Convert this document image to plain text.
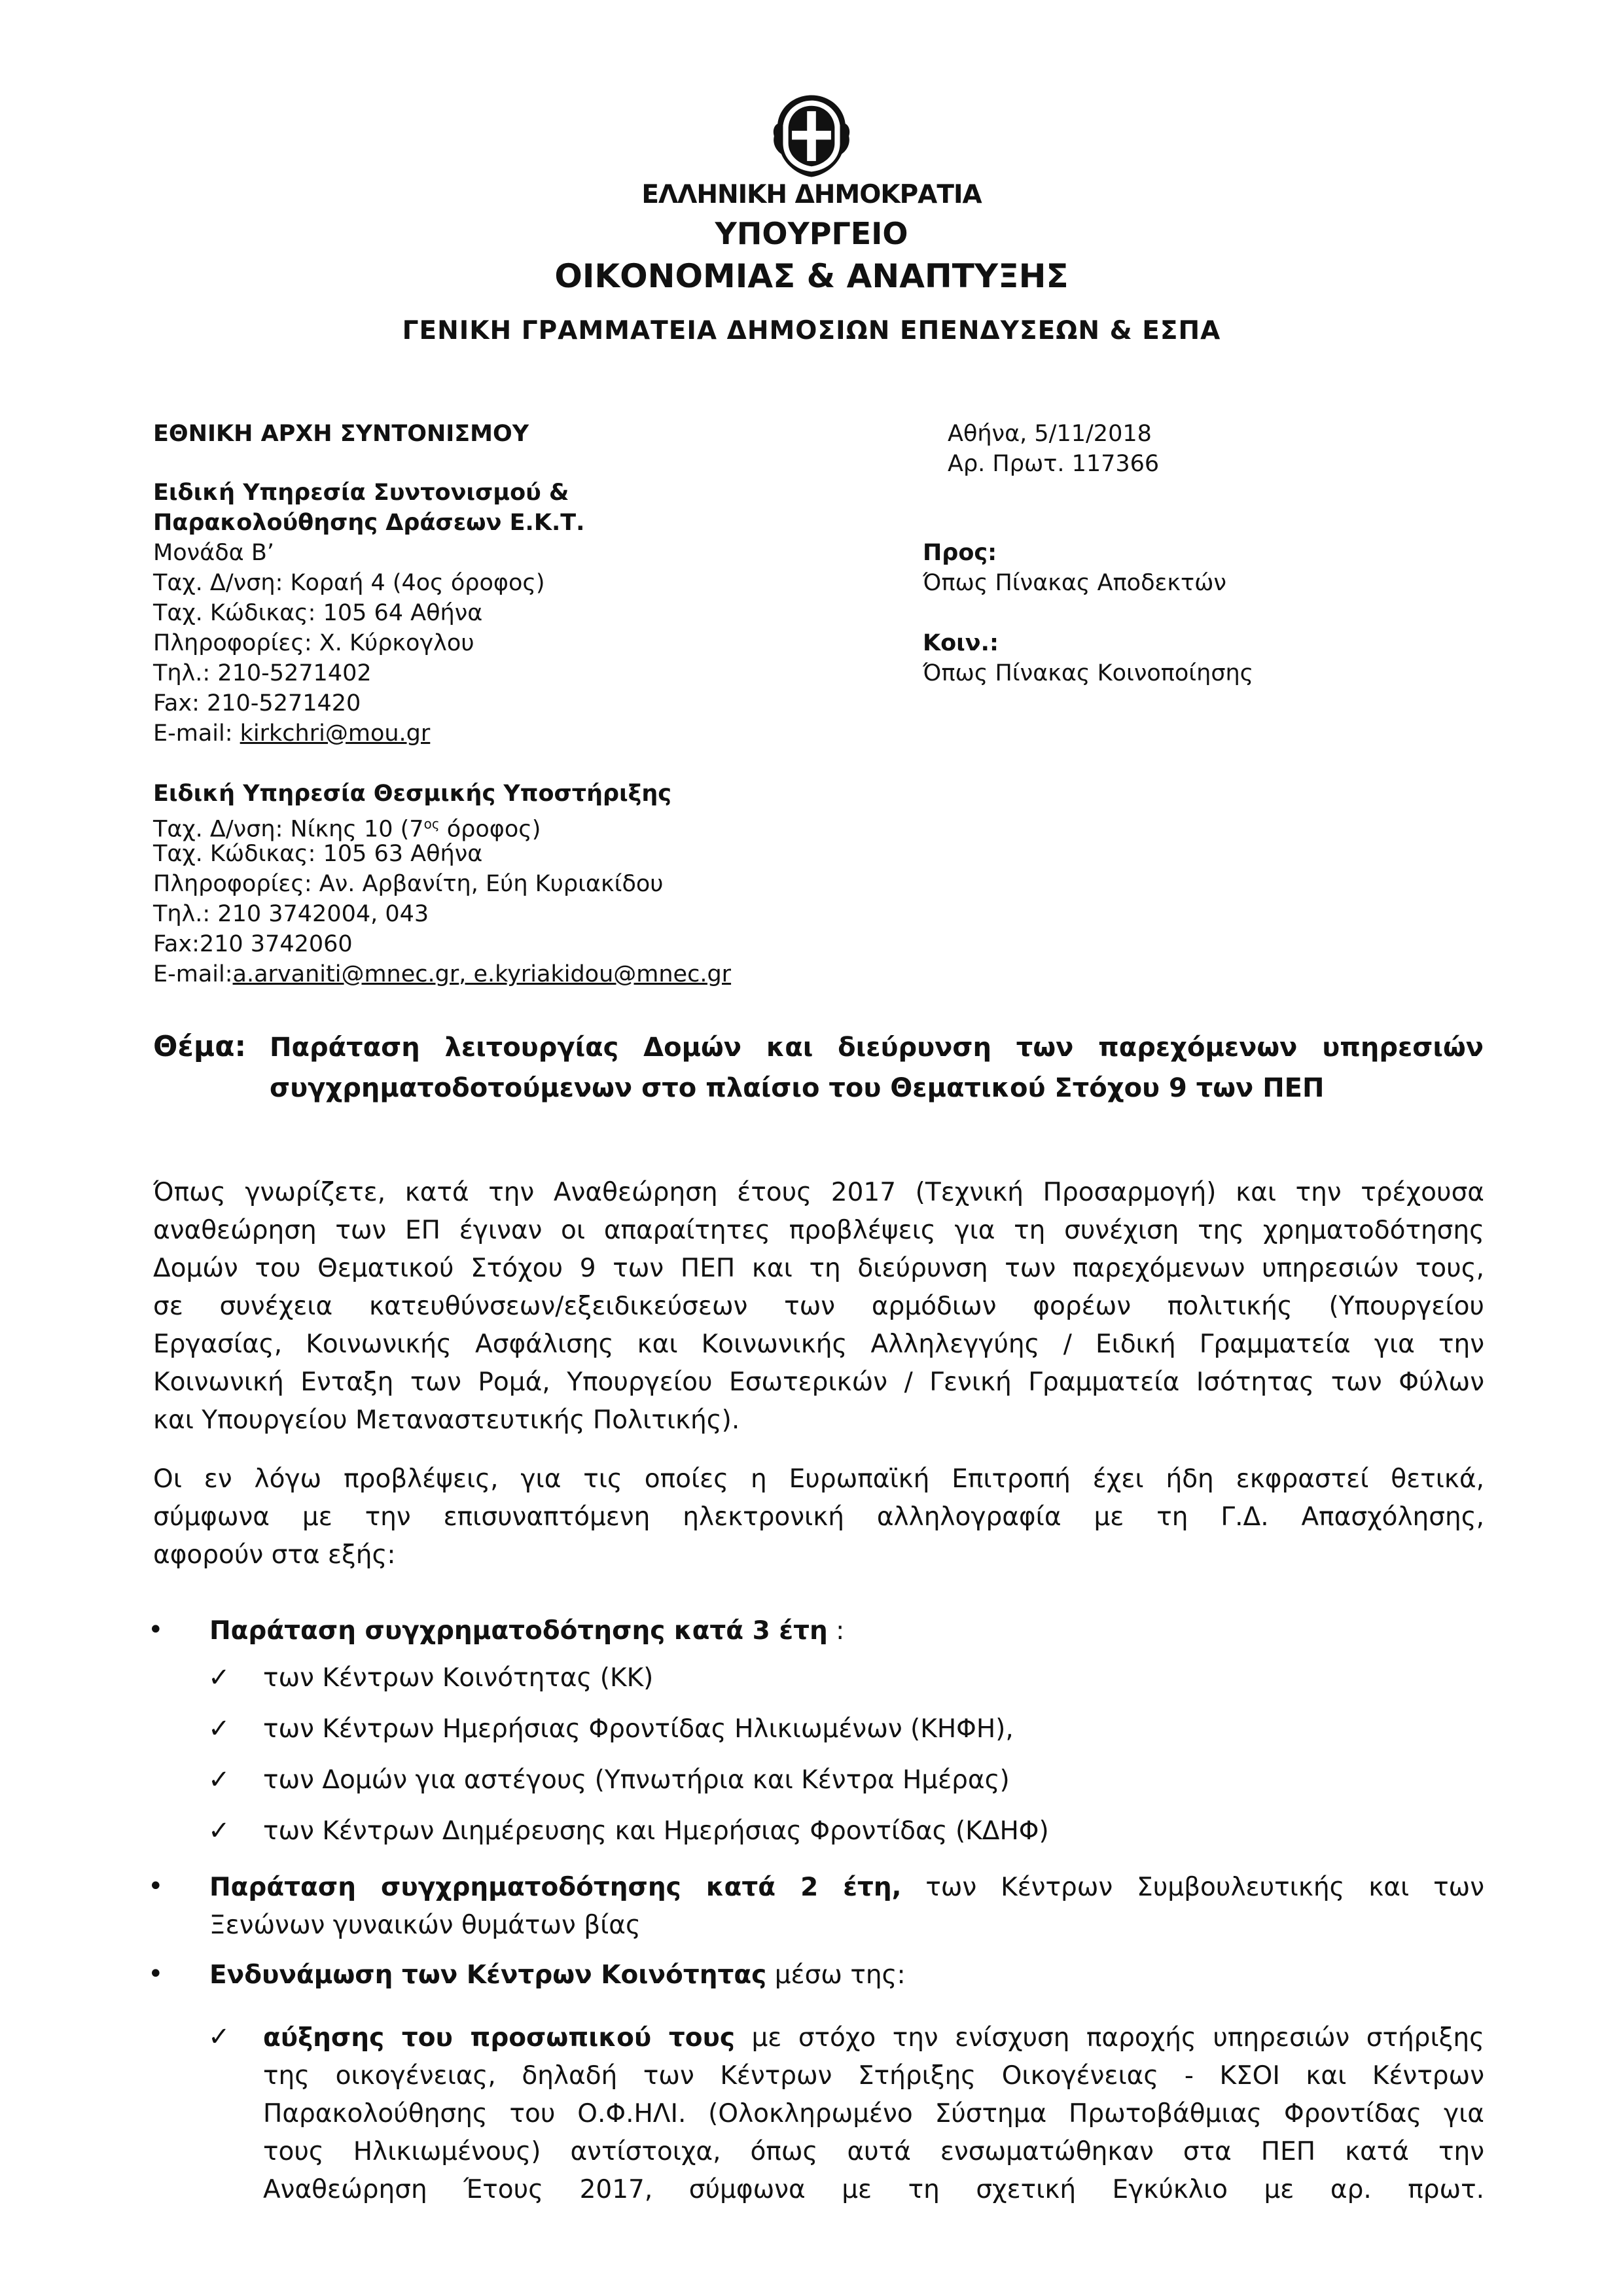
ΕΛΛΗΝΙΚΗ ΔΗΜΟΚΡΑΤΙΑ
ΥΠΟΥΡΓΕΙΟ
ΟΙΚΟΝΟΜΙΑΣ & ΑΝΑΠΤΥΞΗΣ
ΓΕΝΙΚΗ ΓΡΑΜΜΑΤΕΙΑ ΔΗΜΟΣΙΩΝ ΕΠΕΝΔΥΣΕΩΝ & ΕΣΠΑ
ΕΘΝΙΚΗ ΑΡΧΗ ΣΥΝΤΟΝΙΣΜΟΥ
Ειδική Υπηρεσία Συντονισμού &
Παρακολούθησης Δράσεων Ε.Κ.Τ.
Μονάδα Β’
Ταχ. Δ/νση: Κοραή 4 (4ος όροφος)
Ταχ. Κώδικας: 105 64 Αθήνα
Πληροφορίες: Χ. Κύρκογλου
Τηλ.: 210-5271402
Fax: 210-5271420
E-mail: kirkchri@mou.gr
Ειδική Υπηρεσία Θεσμικής Υποστήριξης
Ταχ. Δ/νση: Νίκης 10 ($7^{o\varsigma}$ όροφος)
Ταχ. Κώδικας: 105 63 Αθήνα
Πληροφορίες: Αν. Αρβανίτη, Εύη Κυριακίδου
Τηλ.: 210 3742004, 043
Fax:210 3742060
E-mail:a.arvaniti@mnec.gr, e.kyriakidou@mnec.gr
Αθήνα, 5/11/2018
Αρ. Πρωτ. 117366
Προς:
Όπως Πίνακας Αποδεκτών
Κοιν.:
Όπως Πίνακας Κοινοποίησης
Θέμα: Παράταση λειτουργίας Δομών και διεύρυνση των παρεχόμενων υπηρεσιών
συγχρηματοδοτούμενων στο πλαίσιο του Θεματικού Στόχου 9 των ΠΕΠ

Όπως γνωρίζετε, κατά την Αναθεώρηση έτους 2017 (Τεχνική Προσαρμογή) και την τρέχουσα

αναθεώρηση των ΕΠ έγιναν οι απαραίτητες προβλέψεις για τη συνέχιση της χρηματοδότησης

Δομών του Θεματικού Στόχου 9 των ΠΕΠ και τη διεύρυνση των παρεχόμενων υπηρεσιών τους,

σε συνέχεια κατευθύνσεων/εξειδικεύσεων των αρμόδιων φορέων πολιτικής (Υπουργείου

Εργασίας, Κοινωνικής Ασφάλισης και Κοινωνικής Αλληλεγγύης / Ειδική Γραμματεία για την

Κοινωνική Ενταξη των Ρομά, Υπουργείου Εσωτερικών / Γενική Γραμματεία Ισότητας των Φύλων

και Υπουργείου Μεταναστευτικής Πολιτικής).

Οι εν λόγω προβλέψεις, για τις οποίες η Ευρωπαϊκή Επιτροπή έχει ήδη εκφραστεί θετικά,

σύμφωνα με την επισυναπτόμενη ηλεκτρονική αλληλογραφία με τη Γ.Δ. Απασχόλησης,

αφορούν στα εξής:

• Παράταση συγχρηματοδότησης κατά 3 έτη :
✓ των Κέντρων Κοινότητας (ΚΚ)
✓ των Κέντρων Ημερήσιας Φροντίδας Ηλικιωμένων (ΚΗΦΗ),
✓ των Δομών για αστέγους (Υπνωτήρια και Κέντρα Ημέρας)
✓ των Κέντρων Διημέρευσης και Ημερήσιας Φροντίδας (ΚΔΗΦ)
• Παράταση συγχρηματοδότησης κατά 2 έτη, των Κέντρων Συμβουλευτικής και των

Ξενώνων γυναικών θυμάτων βίας

• Ενδυνάμωση των Κέντρων Κοινότητας μέσω της:
✓ αύξησης του προσωπικού τους με στόχο την ενίσχυση παροχής υπηρεσιών στήριξης

της οικογένειας, δηλαδή των Κέντρων Στήριξης Οικογένειας - ΚΣΟΙ και Κέντρων

Παρακολούθησης του Ο.Φ.ΗΛΙ. (Ολοκληρωμένο Σύστημα Πρωτοβάθμιας Φροντίδας για

τους Ηλικιωμένους) αντίστοιχα, όπως αυτά ενσωματώθηκαν στα ΠΕΠ κατά την

Αναθεώρηση Έτους 2017, σύμφωνα με τη σχετική Εγκύκλιο με αρ. πρωτ.
